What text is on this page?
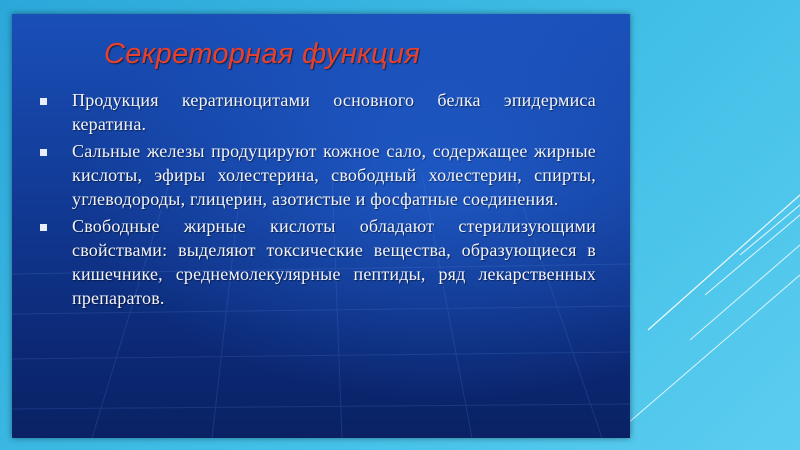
Секреторная функция
Продукция кератиноцитами основного белка эпидермиса кератина.
Сальные железы продуцируют кожное сало, содержащее жирные кислоты, эфиры холестерина, свободный холестерин, спирты, углеводороды, глицерин, азотистые и фосфатные соединения.
Свободные жирные кислоты обладают стерилизующими свойствами: выделяют токсические вещества, образующиеся в кишечнике, среднемолекулярные пептиды, ряд лекарственных препаратов.
